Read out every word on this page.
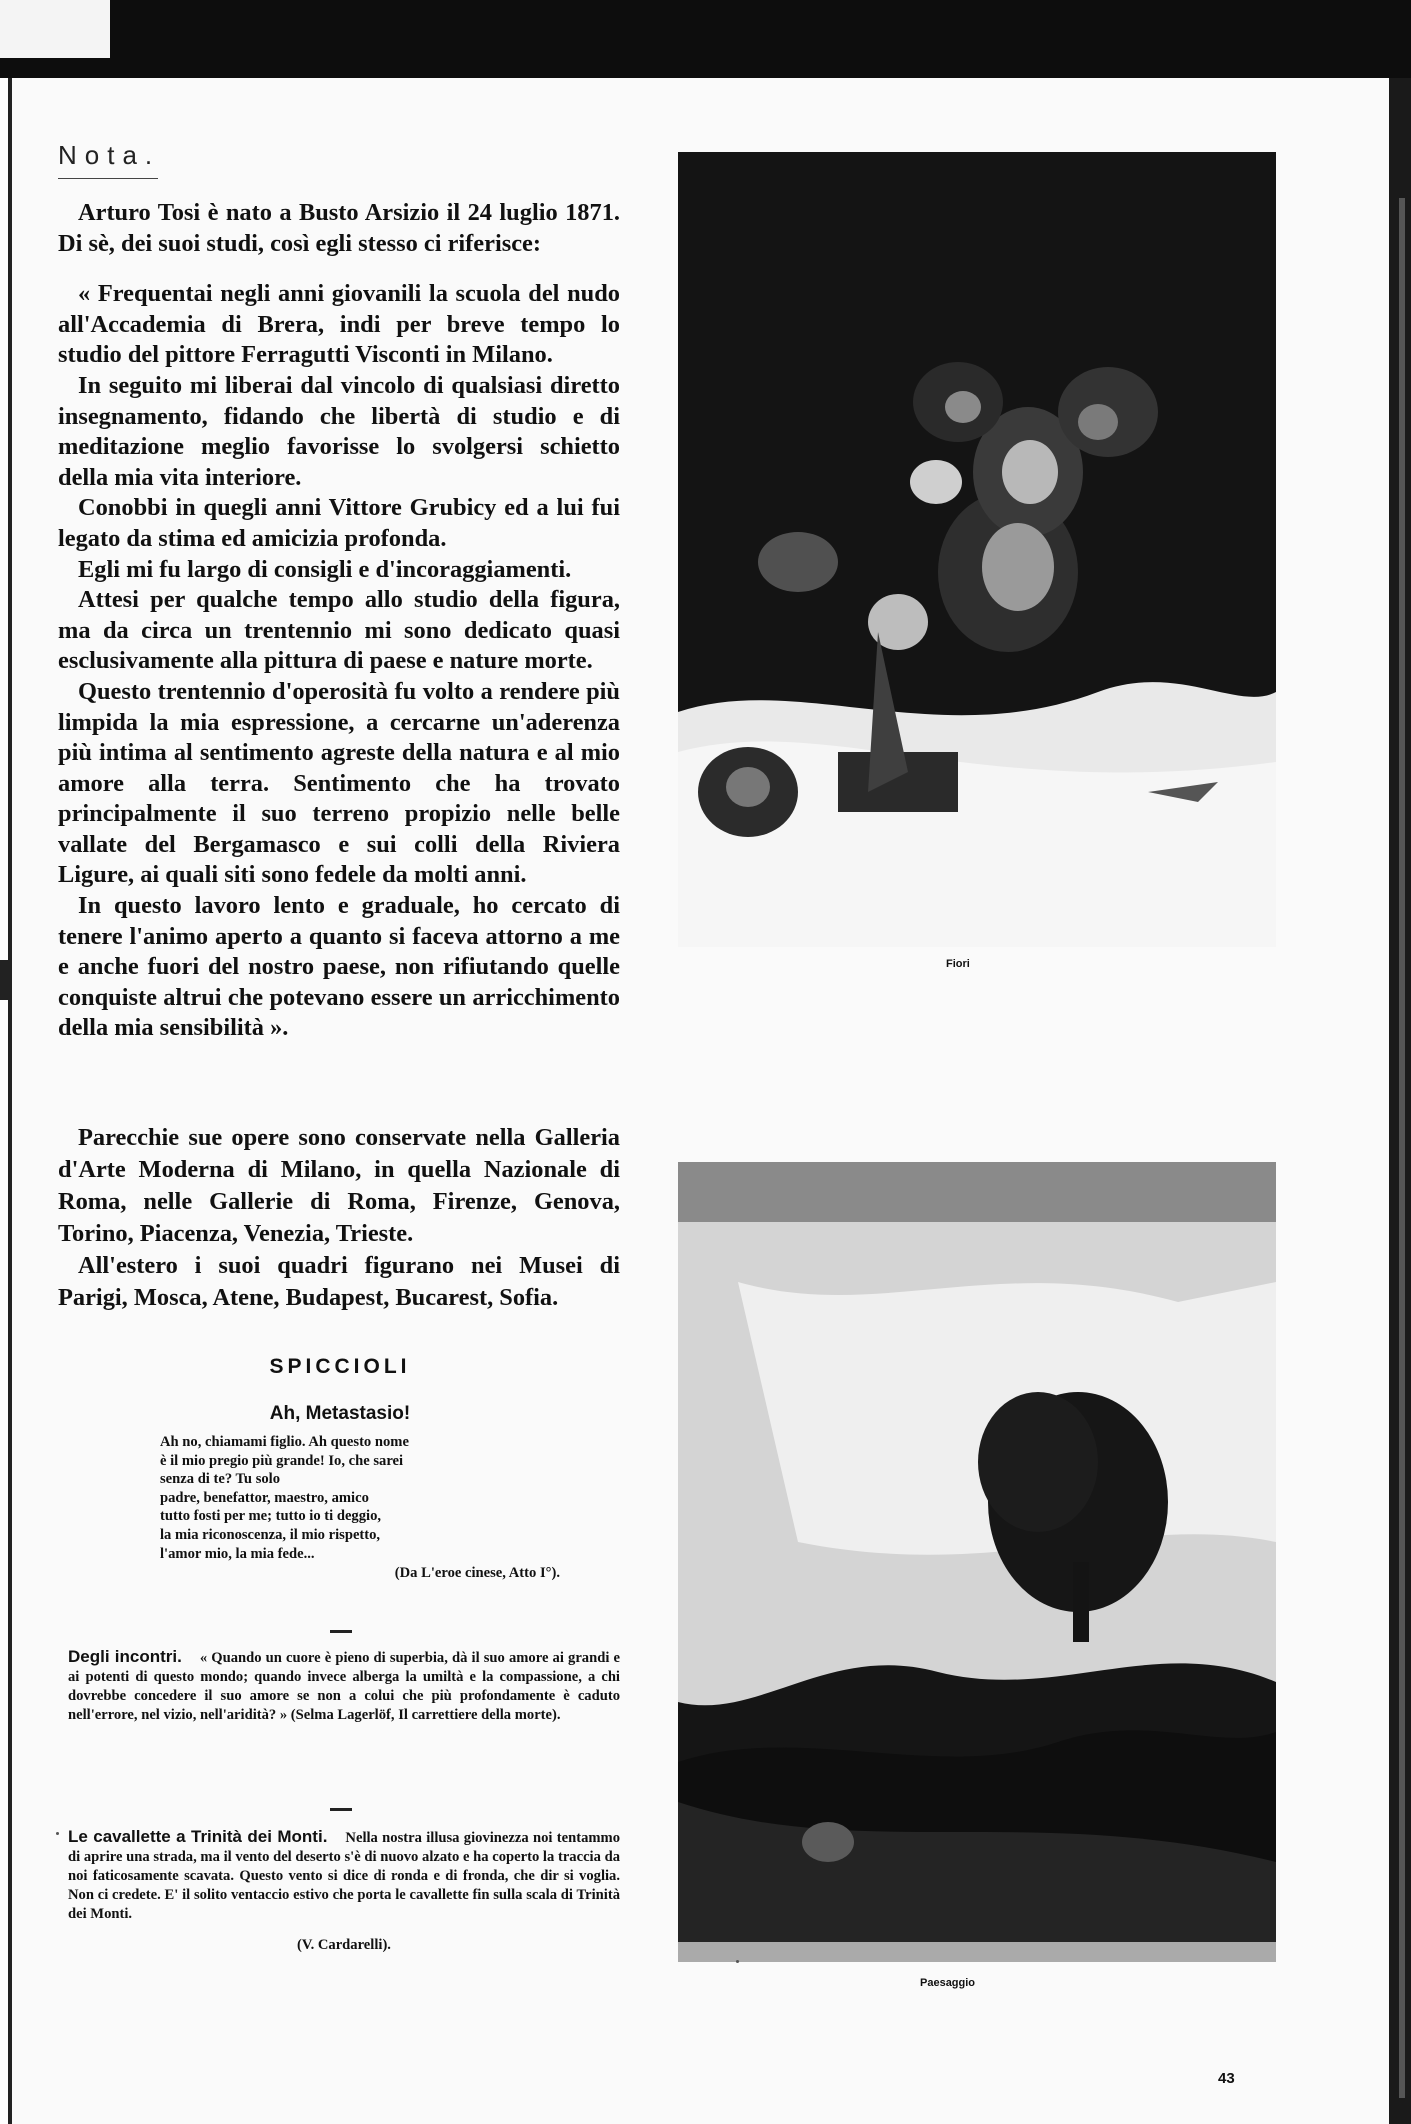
Nota.

Arturo Tosi è nato a Busto Arsizio il 24 luglio 1871. Di sè, dei suoi studi, così egli stesso ci riferisce:

« Frequentai negli anni giovanili la scuola del nudo all'Accademia di Brera, indi per breve tempo lo studio del pittore Ferragutti Visconti in Milano.

In seguito mi liberai dal vincolo di qualsiasi diretto insegnamento, fidando che libertà di studio e di meditazione meglio favorisse lo svolgersi schietto della mia vita interiore.

Conobbi in quegli anni Vittore Grubicy ed a lui fui legato da stima ed amicizia profonda.

Egli mi fu largo di consigli e d'incoraggiamenti.

Attesi per qualche tempo allo studio della figura, ma da circa un trentennio mi sono dedicato quasi esclusivamente alla pittura di paese e nature morte.

Questo trentennio d'operosità fu volto a rendere più limpida la mia espressione, a cercarne un'aderenza più intima al sentimento agreste della natura e al mio amore alla terra. Sentimento che ha trovato principalmente il suo terreno propizio nelle belle vallate del Bergamasco e sui colli della Riviera Ligure, ai quali siti sono fedele da molti anni.

In questo lavoro lento e graduale, ho cercato di tenere l'animo aperto a quanto si faceva attorno a me e anche fuori del nostro paese, non rifiutando quelle conquiste altrui che potevano essere un arricchimento della mia sensibilità ».

Parecchie sue opere sono conservate nella Galleria d'Arte Moderna di Milano, in quella Nazionale di Roma, nelle Gallerie di Roma, Firenze, Genova, Torino, Piacenza, Venezia, Trieste.

All'estero i suoi quadri figurano nei Musei di Parigi, Mosca, Atene, Budapest, Bucarest, Sofia.

SPICCIOLI
Ah, Metastasio!
Ah no, chiamami figlio. Ah questo nome
è il mio pregio più grande! Io, che sarei
senza di te? Tu solo
padre, benefattor, maestro, amico
tutto fosti per me; tutto io ti deggio,
la mia riconoscenza, il mio rispetto,
l'amor mio, la mia fede...
(Da L'eroe cinese, Atto I°).
Degli incontri. « Quando un cuore è pieno di superbia, dà il suo amore ai grandi e ai potenti di questo mondo; quando invece alberga la umiltà e la compassione, a chi dovrebbe concedere il suo amore se non a colui che più profondamente è caduto nell'errore, nel vizio, nell'aridità? » (Selma Lagerlöf, Il carrettiere della morte).
Le cavallette a Trinità dei Monti. Nella nostra illusa giovinezza noi tentammo di aprire una strada, ma il vento del deserto s'è di nuovo alzato e ha coperto la traccia da noi faticosamente scavata. Questo vento si dice di ronda e di fronda, che dir si voglia. Non ci credete. E' il solito ventaccio estivo che porta le cavallette fin sulla scala di Trinità dei Monti.
(V. Cardarelli).
Fiori
Paesaggio
43
